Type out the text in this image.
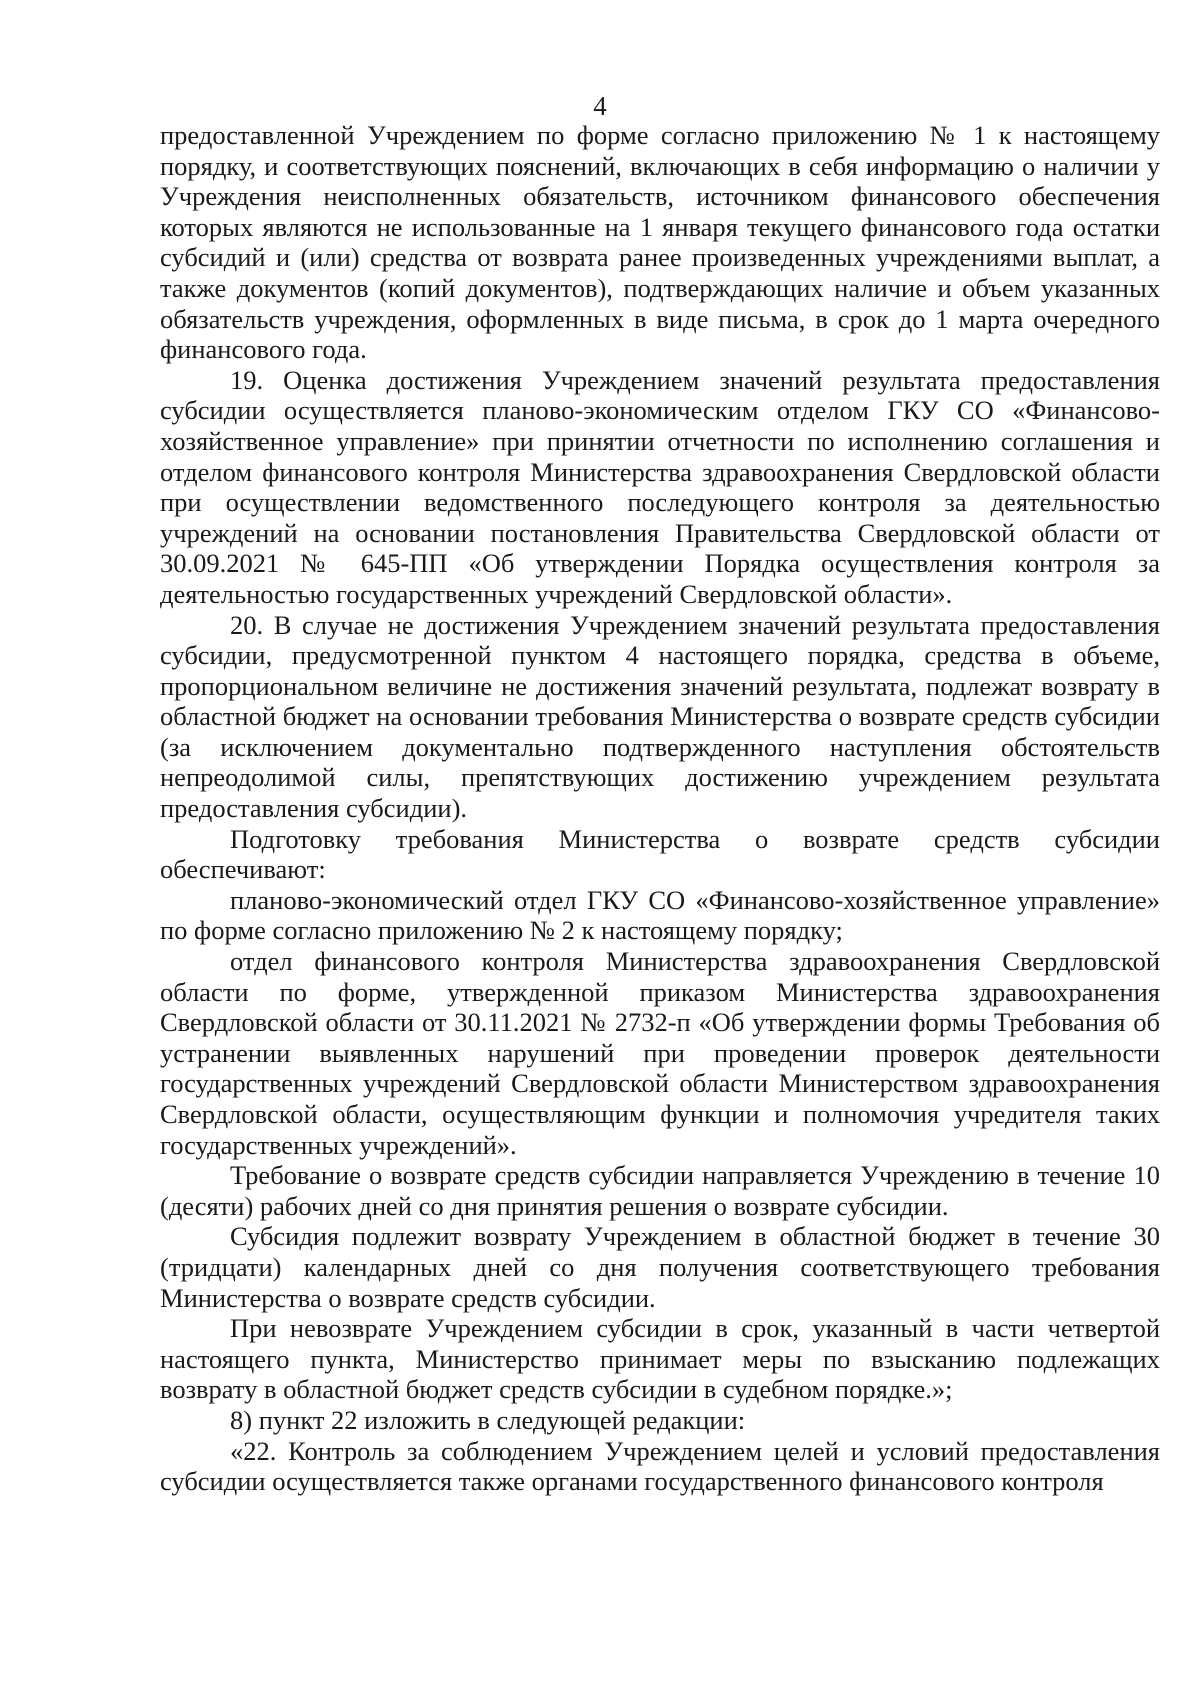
4

предоставленной Учреждением по форме согласно приложению № 1 к настоящему порядку, и соответствующих пояснений, включающих в себя информацию о наличии у Учреждения неисполненных обязательств, источником финансового обеспечения которых являются не использованные на 1 января текущего финансового года остатки субсидий и (или) средства от возврата ранее произведенных учреждениями выплат, а также документов (копий документов), подтверждающих наличие и объем указанных обязательств учреждения, оформленных в виде письма, в срок до 1 марта очередного финансового года.

19. Оценка достижения Учреждением значений результата предоставления субсидии осуществляется планово-экономическим отделом ГКУ СО «Финансово-хозяйственное управление» при принятии отчетности по исполнению соглашения и отделом финансового контроля Министерства здравоохранения Свердловской области при осуществлении ведомственного последующего контроля за деятельностью учреждений на основании постановления Правительства Свердловской области от 30.09.2021 № 645-ПП «Об утверждении Порядка осуществления контроля за деятельностью государственных учреждений Свердловской области».

20. В случае не достижения Учреждением значений результата предоставления субсидии, предусмотренной пунктом 4 настоящего порядка, средства в объеме, пропорциональном величине не достижения значений результата, подлежат возврату в областной бюджет на основании требования Министерства о возврате средств субсидии (за исключением документально подтвержденного наступления обстоятельств непреодолимой силы, препятствующих достижению учреждением результата предоставления субсидии).

Подготовку требования Министерства о возврате средств субсидии обеспечивают:

планово-экономический отдел ГКУ СО «Финансово-хозяйственное управление» по форме согласно приложению № 2 к настоящему порядку;

отдел финансового контроля Министерства здравоохранения Свердловской области по форме, утвержденной приказом Министерства здравоохранения Свердловской области от 30.11.2021 № 2732-п «Об утверждении формы Требования об устранении выявленных нарушений при проведении проверок деятельности государственных учреждений Свердловской области Министерством здравоохранения Свердловской области, осуществляющим функции и полномочия учредителя таких государственных учреждений».

Требование о возврате средств субсидии направляется Учреждению в течение 10 (десяти) рабочих дней со дня принятия решения о возврате субсидии.

Субсидия подлежит возврату Учреждением в областной бюджет в течение 30 (тридцати) календарных дней со дня получения соответствующего требования Министерства о возврате средств субсидии.

При невозврате Учреждением субсидии в срок, указанный в части четвертой настоящего пункта, Министерство принимает меры по взысканию подлежащих возврату в областной бюджет средств субсидии в судебном порядке.»;

8) пункт 22 изложить в следующей редакции:

«22. Контроль за соблюдением Учреждением целей и условий предоставления субсидии осуществляется также органами государственного финансового контроля
